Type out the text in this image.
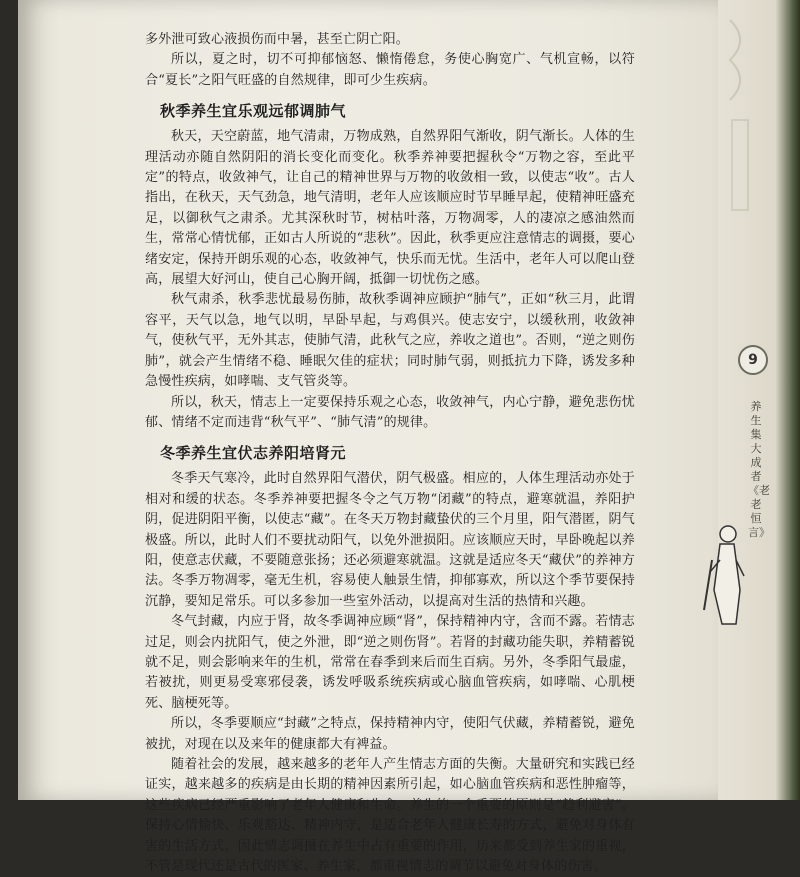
多外泄可致心液损伤而中暑，甚至亡阴亡阳。

所以，夏之时，切不可抑郁恼怒、懒惰倦怠，务使心胸宽广、气机宣畅，以符合“夏长”之阳气旺盛的自然规律，即可少生疾病。

秋季养生宜乐观远郁调肺气

秋天，天空蔚蓝，地气清肃，万物成熟，自然界阳气渐收，阴气渐长。人体的生理活动亦随自然阴阳的消长变化而变化。秋季养神要把握秋令“万物之容，至此平定”的特点，收敛神气，让自己的精神世界与万物的收敛相一致，以使志“收”。古人指出，在秋天，天气劲急，地气清明，老年人应该顺应时节早睡早起，使精神旺盛充足，以御秋气之肃杀。尤其深秋时节，树枯叶落，万物凋零，人的凄凉之感油然而生，常常心情忧郁，正如古人所说的“悲秋”。因此，秋季更应注意情志的调摄，要心绪安定，保持开朗乐观的心态，收敛神气，快乐而无忧。生活中，老年人可以爬山登高，展望大好河山，使自己心胸开阔，抵御一切忧伤之感。

秋气肃杀，秋季悲忧最易伤肺，故秋季调神应顾护“肺气”，正如“秋三月，此谓容平，天气以急，地气以明，早卧早起，与鸡俱兴。使志安宁，以缓秋刑，收敛神气，使秋气平，无外其志，使肺气清，此秋气之应，养收之道也”。否则，“逆之则伤肺”，就会产生情绪不稳、睡眠欠佳的症状；同时肺气弱，则抵抗力下降，诱发多种急慢性疾病，如哮喘、支气管炎等。

所以，秋天，情志上一定要保持乐观之心态，收敛神气，内心宁静，避免悲伤忧郁、情绪不定而违背“秋气平”、“肺气清”的规律。

冬季养生宜伏志养阳培肾元

冬季天气寒冷，此时自然界阳气潜伏，阴气极盛。相应的，人体生理活动亦处于相对和缓的状态。冬季养神要把握冬令之气万物“闭藏”的特点，避寒就温，养阳护阴，促进阴阳平衡，以使志“藏”。在冬天万物封藏蛰伏的三个月里，阳气潜匿，阴气极盛。所以，此时人们不要扰动阳气，以免外泄损阳。应该顺应天时，早卧晚起以养阳，使意志伏藏，不要随意张扬；还必须避寒就温。这就是适应冬天“藏伏”的养神方法。冬季万物凋零，毫无生机，容易使人触景生情，抑郁寡欢，所以这个季节要保持沉静，要知足常乐。可以多参加一些室外活动，以提高对生活的热情和兴趣。

冬气封藏，内应于肾，故冬季调神应顾“肾”，保持精神内守，含而不露。若情志过足，则会内扰阳气，使之外泄，即“逆之则伤肾”。若肾的封藏功能失职，养精蓄锐就不足，则会影响来年的生机，常常在春季到来后而生百病。另外，冬季阳气最虚，若被扰，则更易受寒邪侵袭，诱发呼吸系统疾病或心脑血管疾病，如哮喘、心肌梗死、脑梗死等。

所以，冬季要顺应“封藏”之特点，保持精神内守，使阳气伏藏，养精蓄锐，避免被扰，对现在以及来年的健康都大有裨益。

随着社会的发展，越来越多的老年人产生情志方面的失衡。大量研究和实践已经证实，越来越多的疾病是由长期的精神因素所引起，如心脑血管疾病和恶性肿瘤等，这些疾病已经严重影响了老年人健康和生命。养生的一个重要的原则是“趋利避害”。保持心情愉快、乐观豁达、精神内守，是适合老年人健康长寿的方式，避免对身体有害的生活方式，因此情志调摄在养生中占有重要的作用，历来都受到养生家的重视，不管是现代还是古代的医家、养生家，都重视情志的调节以避免对身体的伤害。

9
养生集大成者《老老恒言》
